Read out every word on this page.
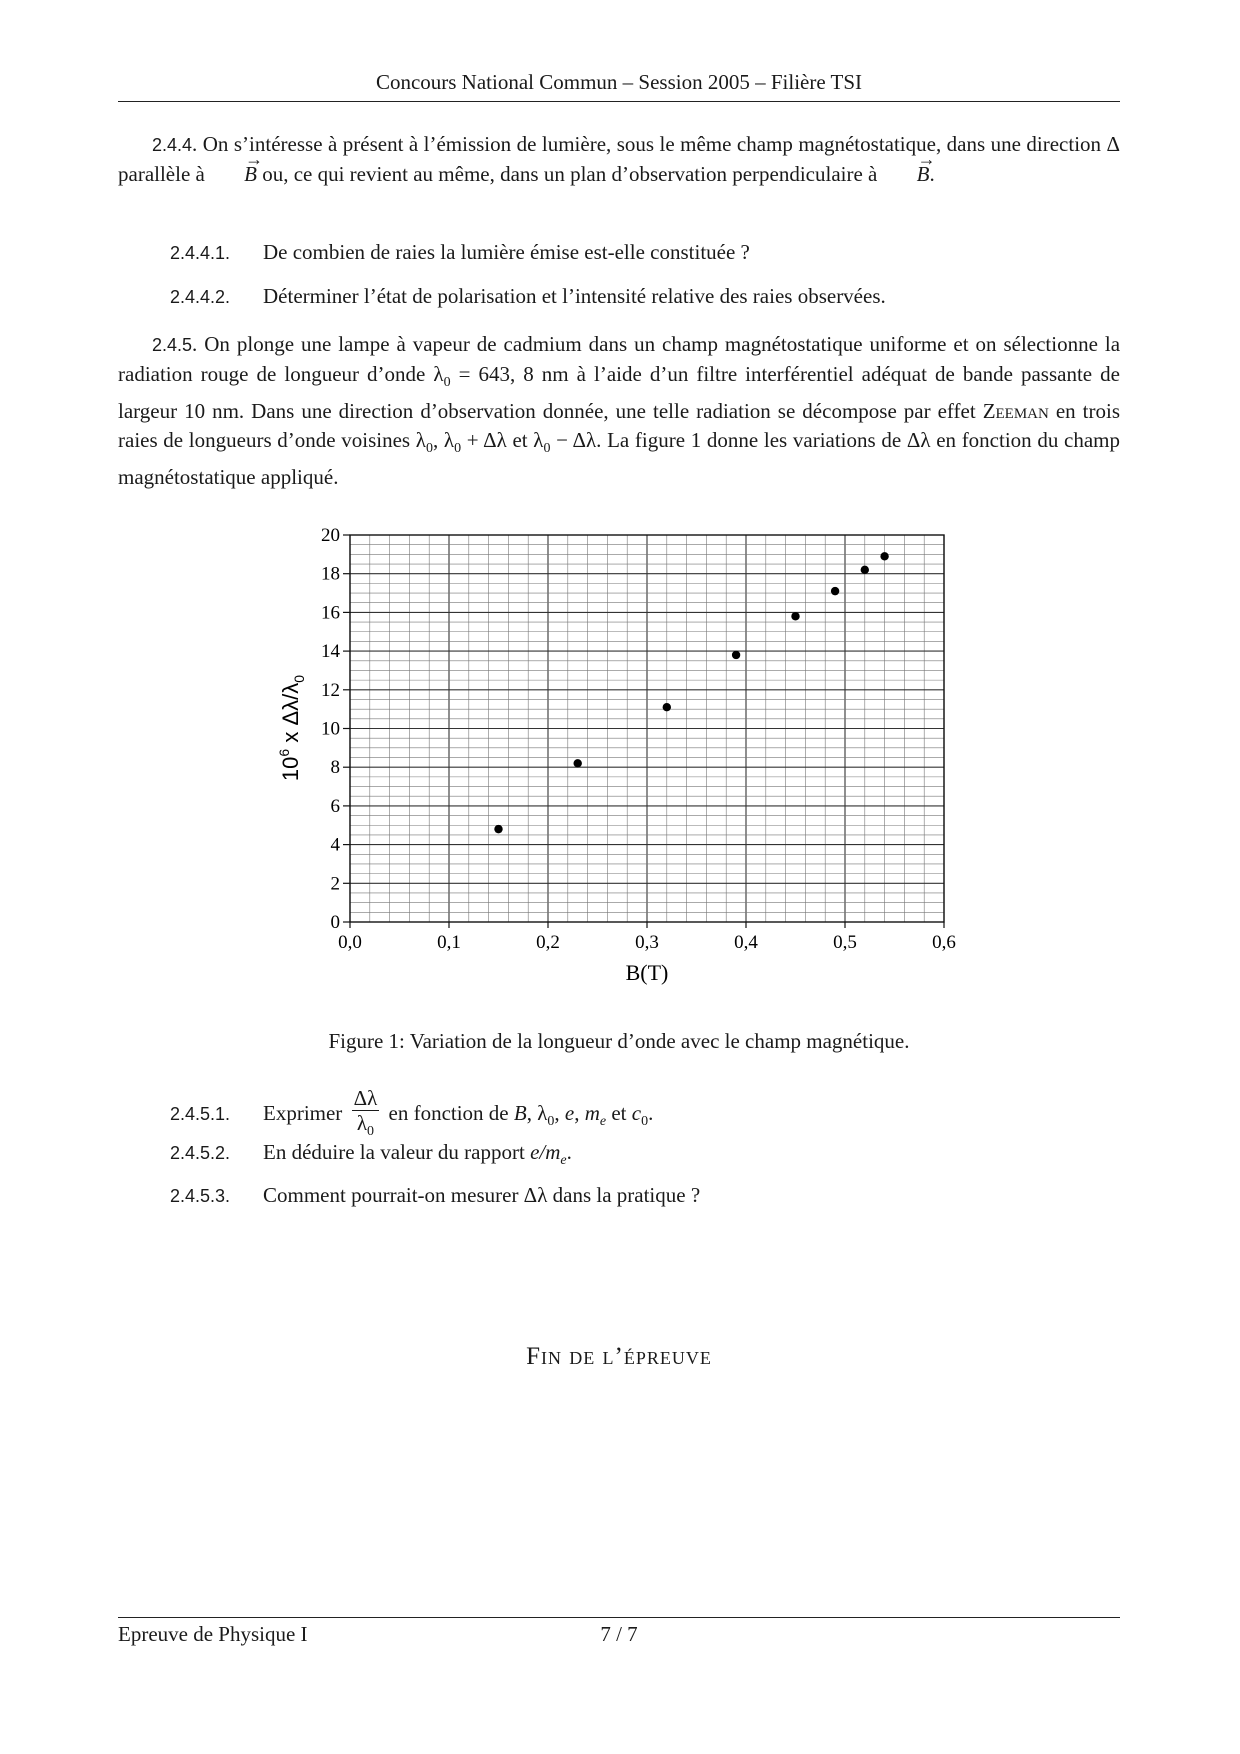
Concours National Commun – Session 2005 – Filière TSI
2.4.4. On s’intéresse à présent à l’émission de lumière, sous le même champ magnétostatique, dans une direction Δ parallèle à → B ou, ce qui revient au même, dans un plan d’observation perpendiculaire à → B.
2.4.4.1. De combien de raies la lumière émise est-elle constituée ?
2.4.4.2. Déterminer l’état de polarisation et l’intensité relative des raies observées.
2.4.5. On plonge une lampe à vapeur de cadmium dans un champ magnétostatique uniforme et on sélectionne la radiation rouge de longueur d’onde $\lambda_0 = 643$, 8 nm à l’aide d’un filtre interférentiel adéquat de bande passante de largeur 10 nm. Dans une direction d’observation donnée, une telle radiation se décompose par effet Zeeman en trois raies de longueurs d’onde voisines $\lambda_0$, $\lambda_0 + \Delta\lambda$ et $\lambda_0 - \Delta\lambda$. La figure 1 donne les variations de Δλ en fonction du champ magnétostatique appliqué.
0,0	0,1	0,2	0,3	0,4	0,5	0,6
0
2
4
6
8
10
12
14
16
18
20
B(T)
$10^6$ x $\Delta\lambda/\lambda_0$
Figure 1: Variation de la longueur d’onde avec le champ magnétique.
2.4.5.1. Exprimer $\frac{\Delta\lambda}{\lambda_0}$ en fonction de B, $\lambda_0$, e, $m_e$ et $c_0$.
2.4.5.2. En déduire la valeur du rapport $e/m_e$.
2.4.5.3. Comment pourrait-on mesurer Δλ dans la pratique ?
Fin de l’épreuve
Epreuve de Physique I	7 / 7
